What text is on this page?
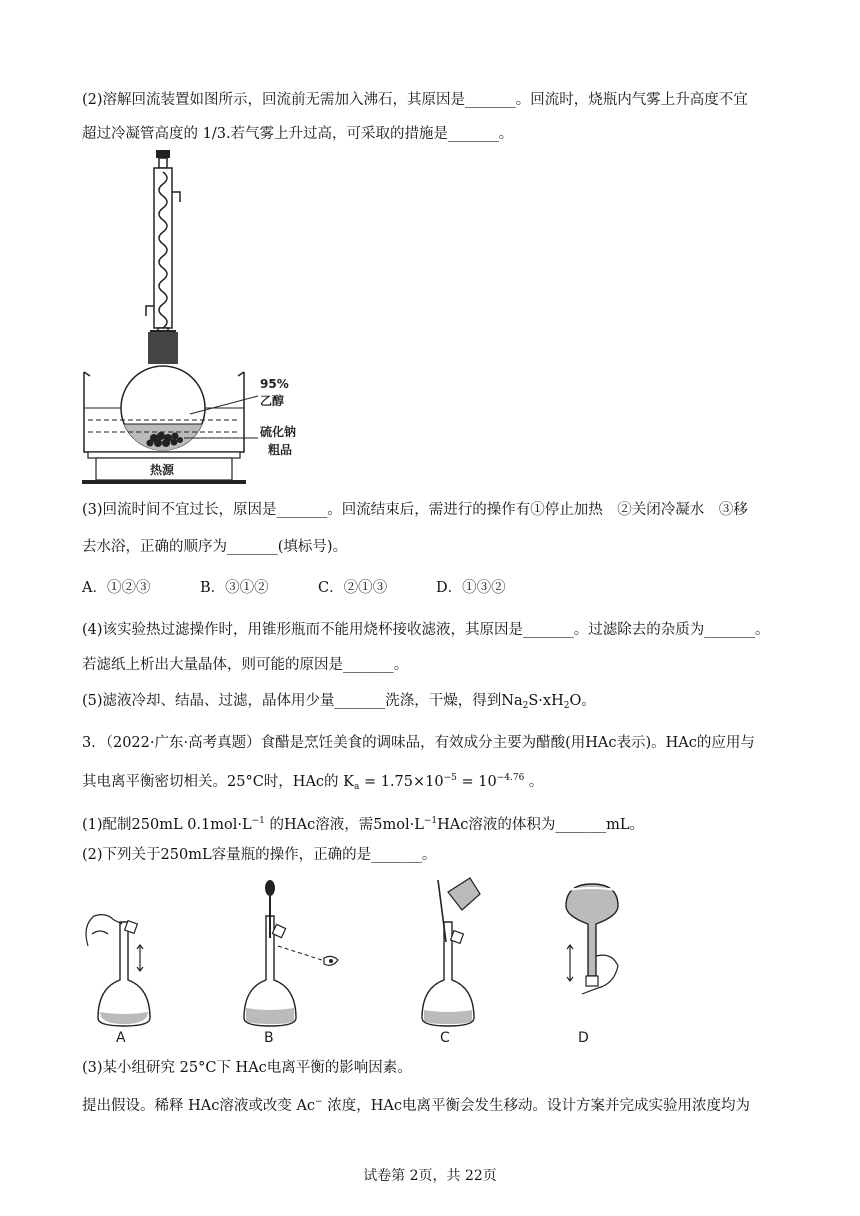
(2)溶解回流装置如图所示，回流前无需加入沸石，其原因是_______。回流时，烧瓶内气雾上升高度不宜
超过冷凝管高度的 1/3.若气雾上升过高，可采取的措施是_______。
95%
乙醇
硫化钠
粗品
热源
(3)回流时间不宜过长，原因是_______。回流结束后，需进行的操作有①停止加热　②关闭冷凝水　③移
去水浴，正确的顺序为_______(填标号)。
A．①②③	B．③①②	C．②①③	D．①③②
(4)该实验热过滤操作时，用锥形瓶而不能用烧杯接收滤液，其原因是_______。过滤除去的杂质为_______。
若滤纸上析出大量晶体，则可能的原因是_______。
(5)滤液冷却、结晶、过滤，晶体用少量_______洗涤，干燥，得到$Na_2S\cdot xH_2O$。
3．（2022·广东·高考真题）食醋是烹饪美食的调味品，有效成分主要为醋酸(用HAc表示)。HAc的应用与
其电离平衡密切相关。25°C时，HAc的 $K_a = 1.75\times 10^{-5} = 10^{-4.76}$ 。
(1)配制250mL $0.1mol\cdot L^{-1}$ 的HAc溶液，需$5mol\cdot L^{-1}HAc$溶液的体积为_______mL。
(2)下列关于250mL容量瓶的操作，正确的是_______。
A	B	C	D
(3)某小组研究 25°C下 HAc电离平衡的影响因素。
提出假设。稀释 HAc溶液或改变 Ac− 浓度，HAc电离平衡会发生移动。设计方案并完成实验用浓度均为
试卷第 2页，共 22页
